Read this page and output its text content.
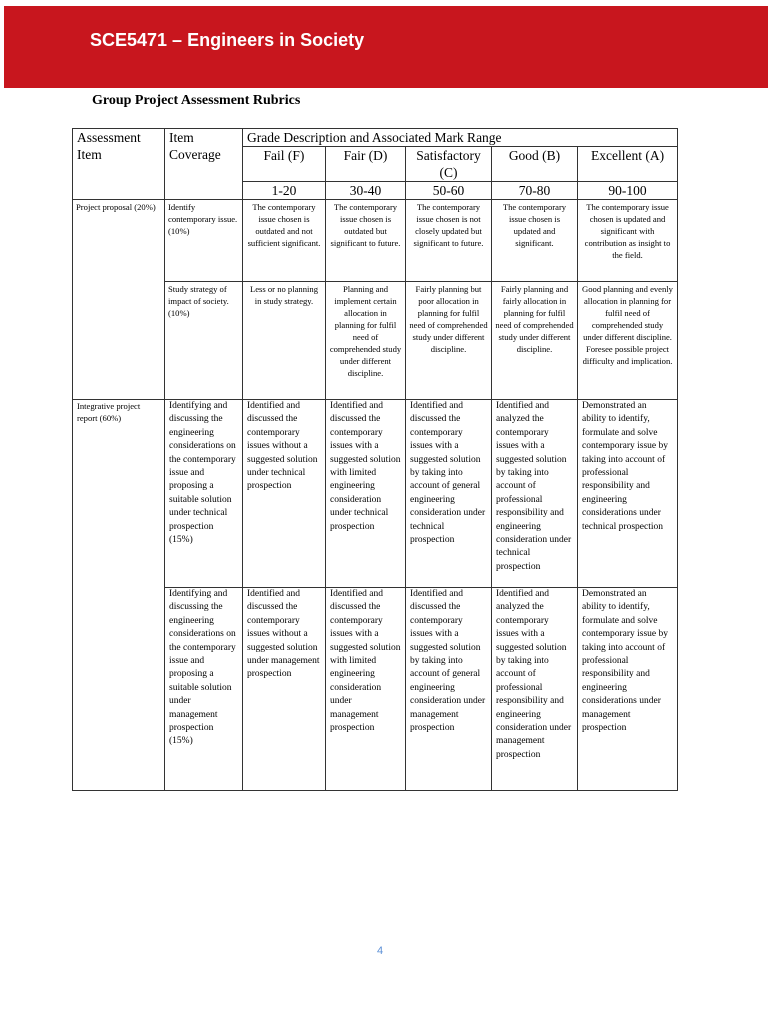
SCE5471 – Engineers in Society
Group Project Assessment Rubrics
Assessment Item	Item Coverage	Grade Description and Associated Mark Range				
		Fail (F)	Fair (D)	Satisfactory (C)	Good (B)	Excellent (A)
		1-20	30-40	50-60	70-80	90-100
Project proposal (20%)	Identify contemporary issue. (10%)	The contemporary issue chosen is outdated and not sufficient significant.	The contemporary issue chosen is outdated but significant to future.	The contemporary issue chosen is not closely updated but significant to future.	The contemporary issue chosen is updated and significant.	The contemporary issue chosen is updated and significant with contribution as insight to the field.
	Study strategy of impact of society. (10%)	Less or no planning in study strategy.	Planning and implement certain allocation in planning for fulfil need of comprehended study under different discipline.	Fairly planning but poor allocation in planning for fulfil need of comprehended study under different discipline.	Fairly planning and fairly allocation in planning for fulfil need of comprehended study under different discipline.	Good planning and evenly allocation in planning for fulfil need of comprehended study under different discipline. Foresee possible project difficulty and implication.
Integrative project report (60%)	Identifying and discussing the engineering considerations on the contemporary issue and proposing a suitable solution under technical prospection (15%)	Identified and discussed the contemporary issues without a suggested solution under technical prospection	Identified and discussed the contemporary issues with a suggested solution with limited engineering consideration under technical prospection	Identified and discussed the contemporary issues with a suggested solution by taking into account of general engineering consideration under technical prospection	Identified and analyzed the contemporary issues with a suggested solution by taking into account of professional responsibility and engineering consideration under technical prospection	Demonstrated an ability to identify, formulate and solve contemporary issue by taking into account of professional responsibility and engineering considerations under technical prospection
	Identifying and discussing the engineering considerations on the contemporary issue and proposing a suitable solution under management prospection (15%)	Identified and discussed the contemporary issues without a suggested solution under management prospection	Identified and discussed the contemporary issues with a suggested solution with limited engineering consideration under management prospection	Identified and discussed the contemporary issues with a suggested solution by taking into account of general engineering consideration under management prospection	Identified and analyzed the contemporary issues with a suggested solution by taking into account of professional responsibility and engineering consideration under management prospection	Demonstrated an ability to identify, formulate and solve contemporary issue by taking into account of professional responsibility and engineering considerations under management prospection
4
